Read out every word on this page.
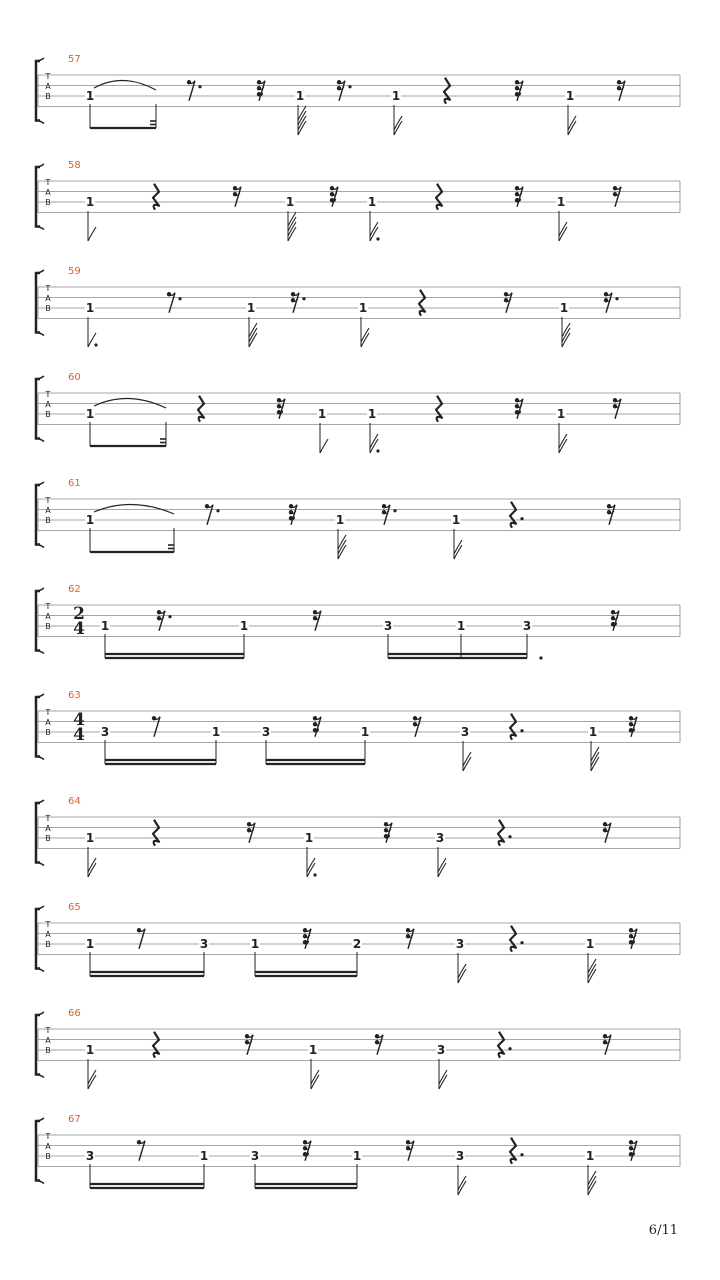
T
A
B
57
1	1	1	1
T
A
B
58
1	1	1	1
T
A
B
59
1	1	1	1
T
A
B
60
1	1	1	1
T
A
B
61
1	1	1
T
A
B
62
2
4 1	1	3	1	3
T
A
B
63
4
4 3	1	3	1	3	1
T
A
B
64
1	1	3
T
A
B
65
1	3	1	2	3	1
T
A
B
66
1	1	3
T
A
B
67
3	1	3	1	3	1
6/11
